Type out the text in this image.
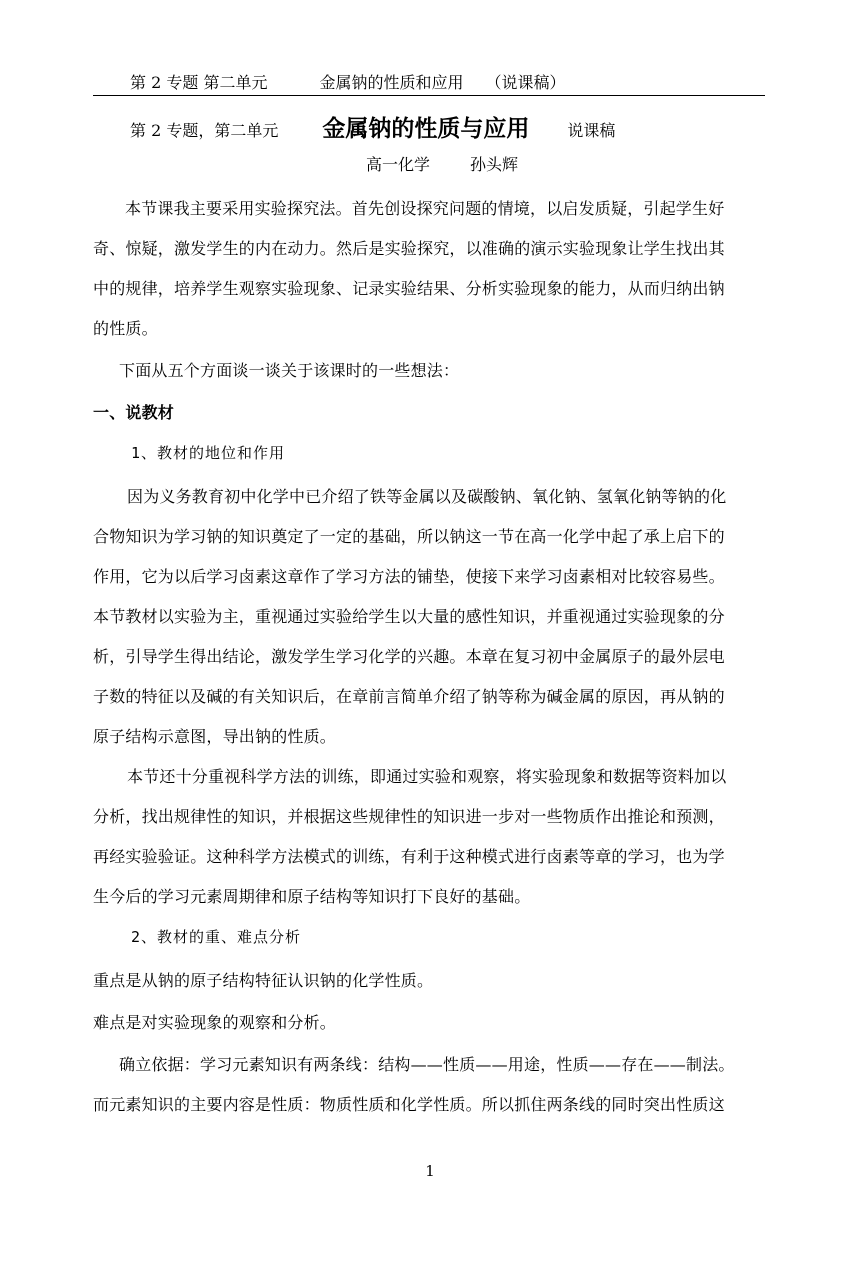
第 2 专题 第二单元	金属钠的性质和应用 （说课稿）
第 2 专题，第二单元 金属钠的性质与应用 说课稿
高一化学	孙头辉
本节课我主要采用实验探究法。首先创设探究问题的情境，以启发质疑，引起学生好
奇、惊疑，激发学生的内在动力。然后是实验探究，以准确的演示实验现象让学生找出其
中的规律，培养学生观察实验现象、记录实验结果、分析实验现象的能力，从而归纳出钠
的性质。
下面从五个方面谈一谈关于该课时的一些想法：
一、说教材
1、教材的地位和作用
因为义务教育初中化学中已介绍了铁等金属以及碳酸钠、氧化钠、氢氧化钠等钠的化
合物知识为学习钠的知识奠定了一定的基础，所以钠这一节在高一化学中起了承上启下的
作用，它为以后学习卤素这章作了学习方法的铺垫，使接下来学习卤素相对比较容易些。
本节教材以实验为主，重视通过实验给学生以大量的感性知识，并重视通过实验现象的分
析，引导学生得出结论，激发学生学习化学的兴趣。本章在复习初中金属原子的最外层电
子数的特征以及碱的有关知识后，在章前言简单介绍了钠等称为碱金属的原因，再从钠的
原子结构示意图，导出钠的性质。
本节还十分重视科学方法的训练，即通过实验和观察，将实验现象和数据等资料加以
分析，找出规律性的知识，并根据这些规律性的知识进一步对一些物质作出推论和预测，
再经实验验证。这种科学方法模式的训练，有利于这种模式进行卤素等章的学习，也为学
生今后的学习元素周期律和原子结构等知识打下良好的基础。
2、教材的重、难点分析
重点是从钠的原子结构特征认识钠的化学性质。
难点是对实验现象的观察和分析。
确立依据：学习元素知识有两条线：结构——性质——用途，性质——存在——制法。
而元素知识的主要内容是性质：物质性质和化学性质。所以抓住两条线的同时突出性质这
1
